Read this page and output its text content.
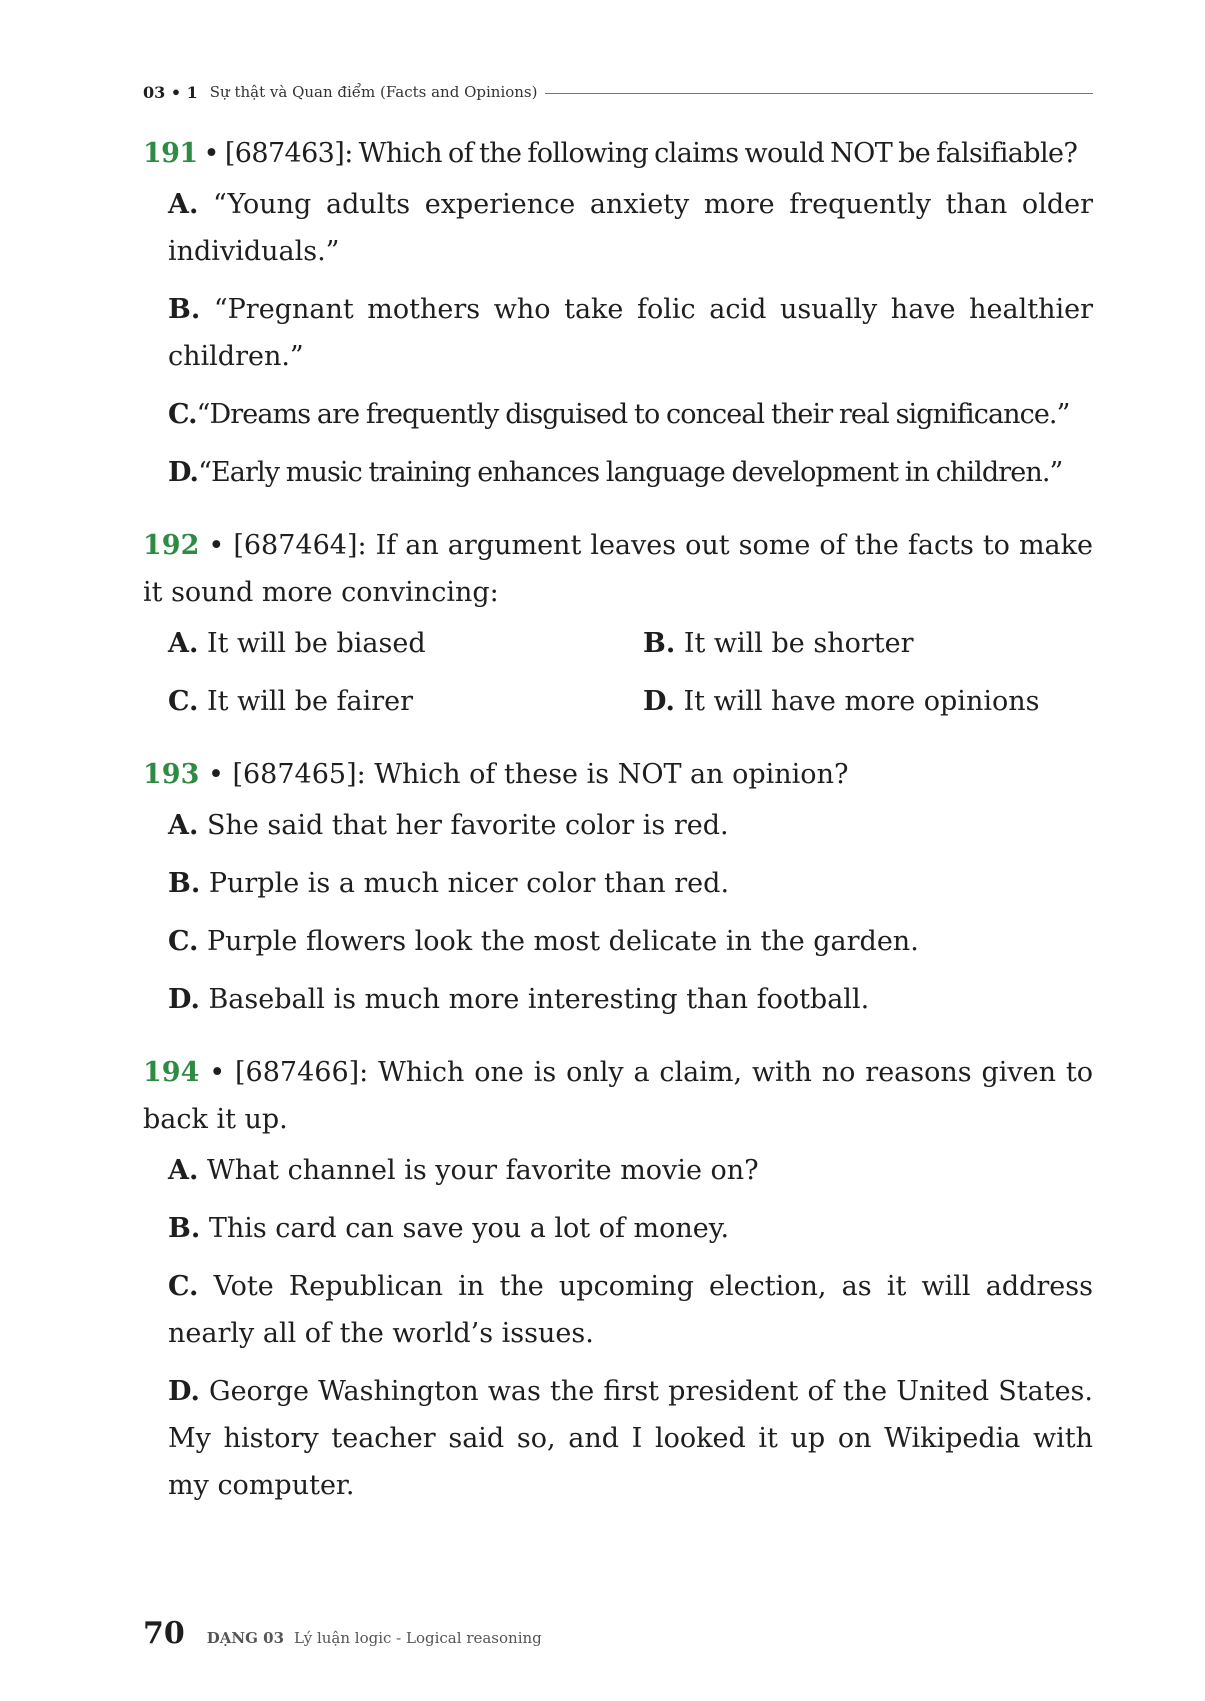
03 • 1 Sự thật và Quan điểm (Facts and Opinions)
191 • [687463]: Which of the following claims would NOT be falsifiable?
A. “Young adults experience anxiety more frequently than older individuals.”
B. “Pregnant mothers who take folic acid usually have healthier children.”
C.“Dreams are frequently disguised to conceal their real significance.”
D.“Early music training enhances language development in children.”
192 • [687464]: If an argument leaves out some of the facts to make it sound more convincing:
A. It will be biased	B. It will be shorter
C. It will be fairer	D. It will have more opinions
193 • [687465]: Which of these is NOT an opinion?
A. She said that her favorite color is red.
B. Purple is a much nicer color than red.
C. Purple flowers look the most delicate in the garden.
D. Baseball is much more interesting than football.
194 • [687466]: Which one is only a claim, with no reasons given to back it up.
A. What channel is your favorite movie on?
B. This card can save you a lot of money.
C. Vote Republican in the upcoming election, as it will address nearly all of the world’s issues.
D. George Washington was the first president of the United States. My history teacher said so, and I looked it up on Wikipedia with my computer.
70 DẠNG 03 Lý luận logic - Logical reasoning
